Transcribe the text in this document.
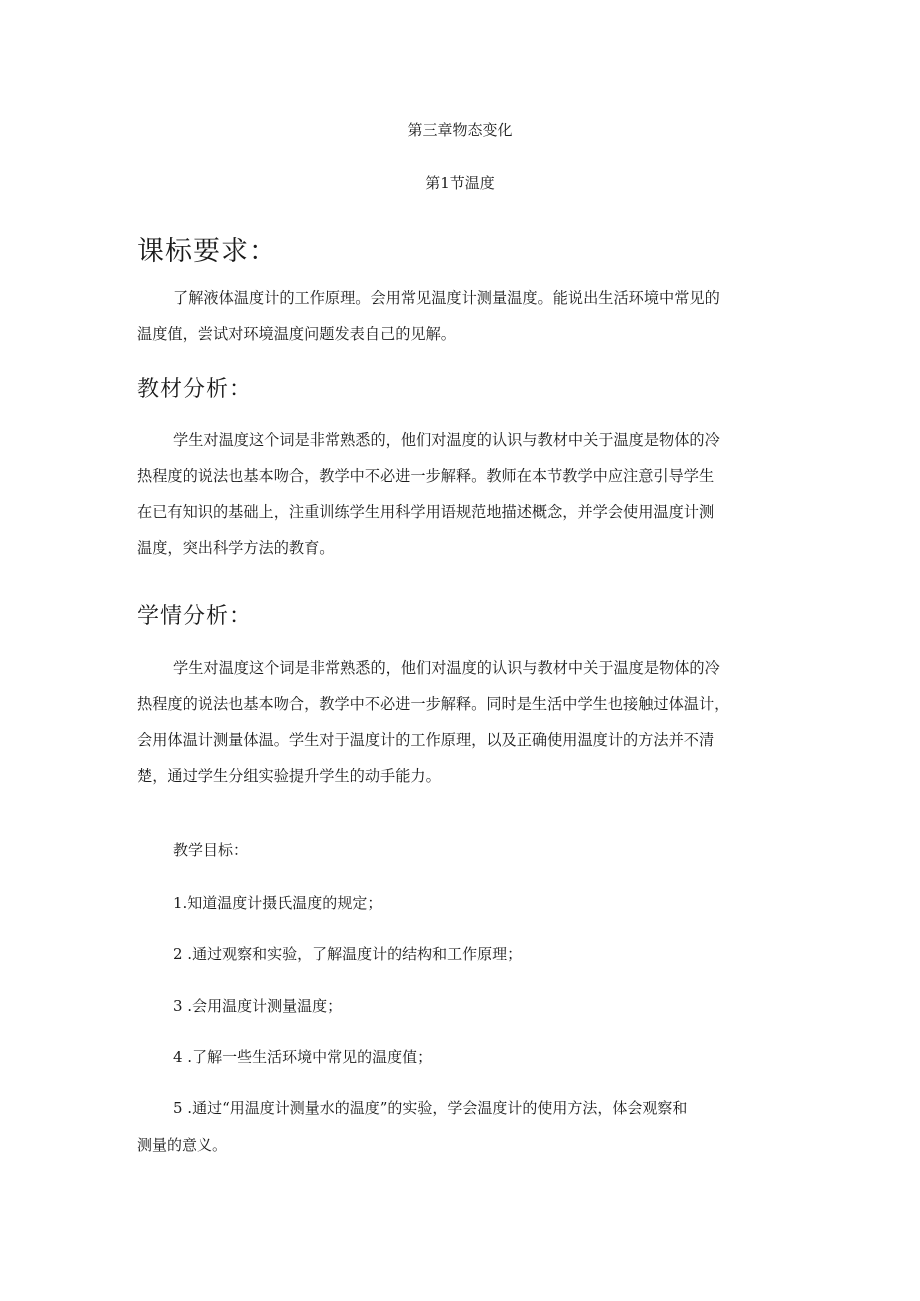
第三章物态变化
第1节温度
课标要求：
了解液体温度计的工作原理。会用常见温度计测量温度。能说出生活环境中常见的
温度值，尝试对环境温度问题发表自己的见解。
教材分析：
学生对温度这个词是非常熟悉的，他们对温度的认识与教材中关于温度是物体的冷
热程度的说法也基本吻合，教学中不必进一步解释。教师在本节教学中应注意引导学生
在已有知识的基础上，注重训练学生用科学用语规范地描述概念，并学会使用温度计测
温度，突出科学方法的教育。
学情分析：
学生对温度这个词是非常熟悉的，他们对温度的认识与教材中关于温度是物体的冷
热程度的说法也基本吻合，教学中不必进一步解释。同时是生活中学生也接触过体温计，
会用体温计测量体温。学生对于温度计的工作原理，以及正确使用温度计的方法并不清
楚，通过学生分组实验提升学生的动手能力。
教学目标：
1.知道温度计摄氏温度的规定；
2 .通过观察和实验，了解温度计的结构和工作原理；
3 .会用温度计测量温度；
4 .了解一些生活环境中常见的温度值；
5 .通过“用温度计测量水的温度”的实验，学会温度计的使用方法，体会观察和
测量的意义。
